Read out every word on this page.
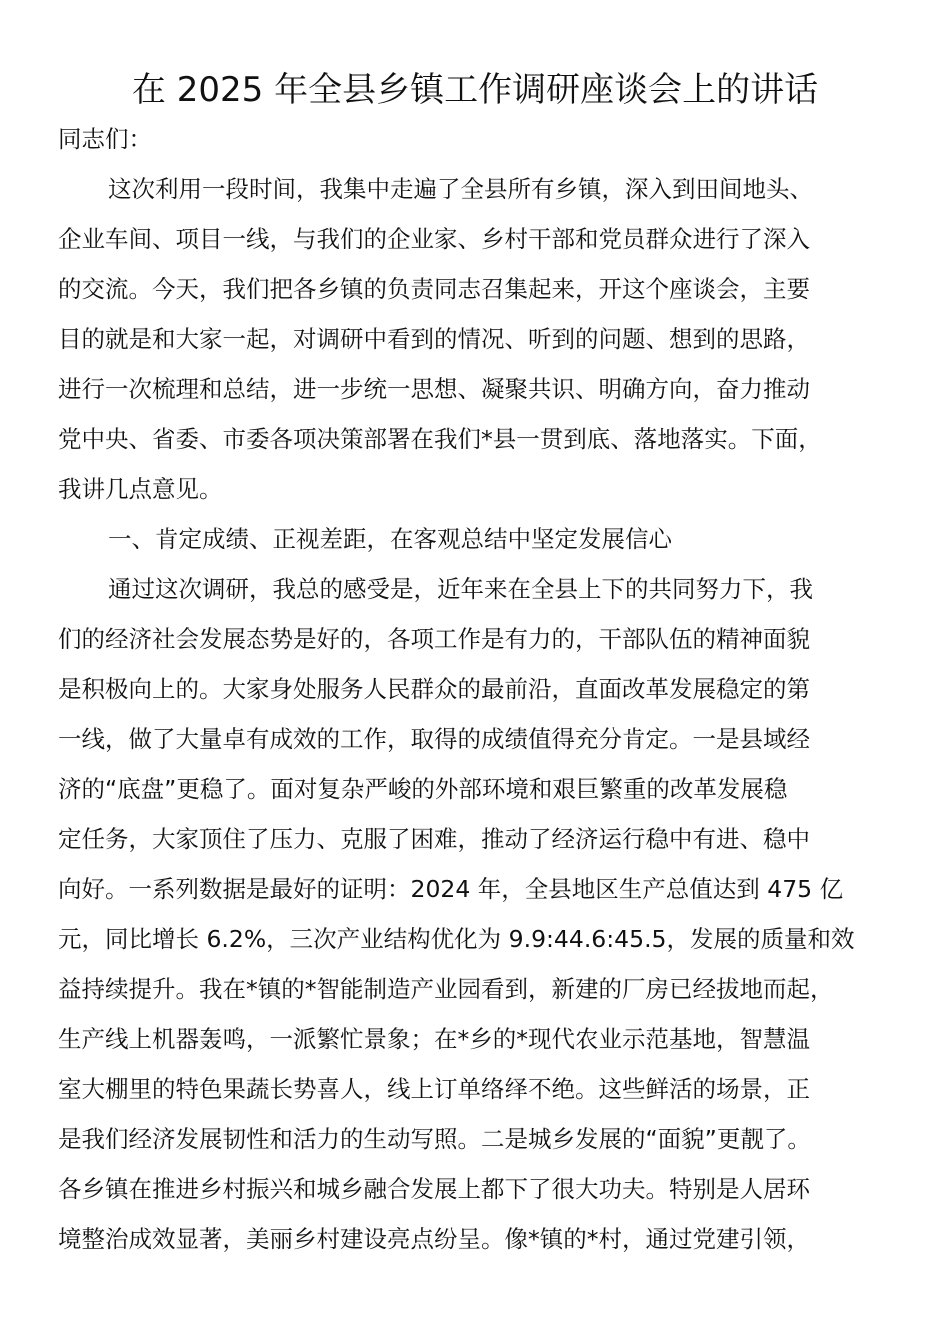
在 2025 年全县乡镇工作调研座谈会上的讲话
同志们：
这次利用一段时间，我集中走遍了全县所有乡镇，深入到田间地头、
企业车间、项目一线，与我们的企业家、乡村干部和党员群众进行了深入
的交流。今天，我们把各乡镇的负责同志召集起来，开这个座谈会，主要
目的就是和大家一起，对调研中看到的情况、听到的问题、想到的思路，
进行一次梳理和总结，进一步统一思想、凝聚共识、明确方向，奋力推动
党中央、省委、市委各项决策部署在我们*县一贯到底、落地落实。下面，
我讲几点意见。
一、肯定成绩、正视差距，在客观总结中坚定发展信心
通过这次调研，我总的感受是，近年来在全县上下的共同努力下，我
们的经济社会发展态势是好的，各项工作是有力的，干部队伍的精神面貌
是积极向上的。大家身处服务人民群众的最前沿，直面改革发展稳定的第
一线，做了大量卓有成效的工作，取得的成绩值得充分肯定。一是县域经
济的“底盘”更稳了。面对复杂严峻的外部环境和艰巨繁重的改革发展稳
定任务，大家顶住了压力、克服了困难，推动了经济运行稳中有进、稳中
向好。一系列数据是最好的证明：2024 年，全县地区生产总值达到 475 亿
元，同比增长 6.2%，三次产业结构优化为 9.9:44.6:45.5，发展的质量和效
益持续提升。我在*镇的*智能制造产业园看到，新建的厂房已经拔地而起，
生产线上机器轰鸣，一派繁忙景象；在*乡的*现代农业示范基地，智慧温
室大棚里的特色果蔬长势喜人，线上订单络绎不绝。这些鲜活的场景，正
是我们经济发展韧性和活力的生动写照。二是城乡发展的“面貌”更靓了。
各乡镇在推进乡村振兴和城乡融合发展上都下了很大功夫。特别是人居环
境整治成效显著，美丽乡村建设亮点纷呈。像*镇的*村，通过党建引领，
